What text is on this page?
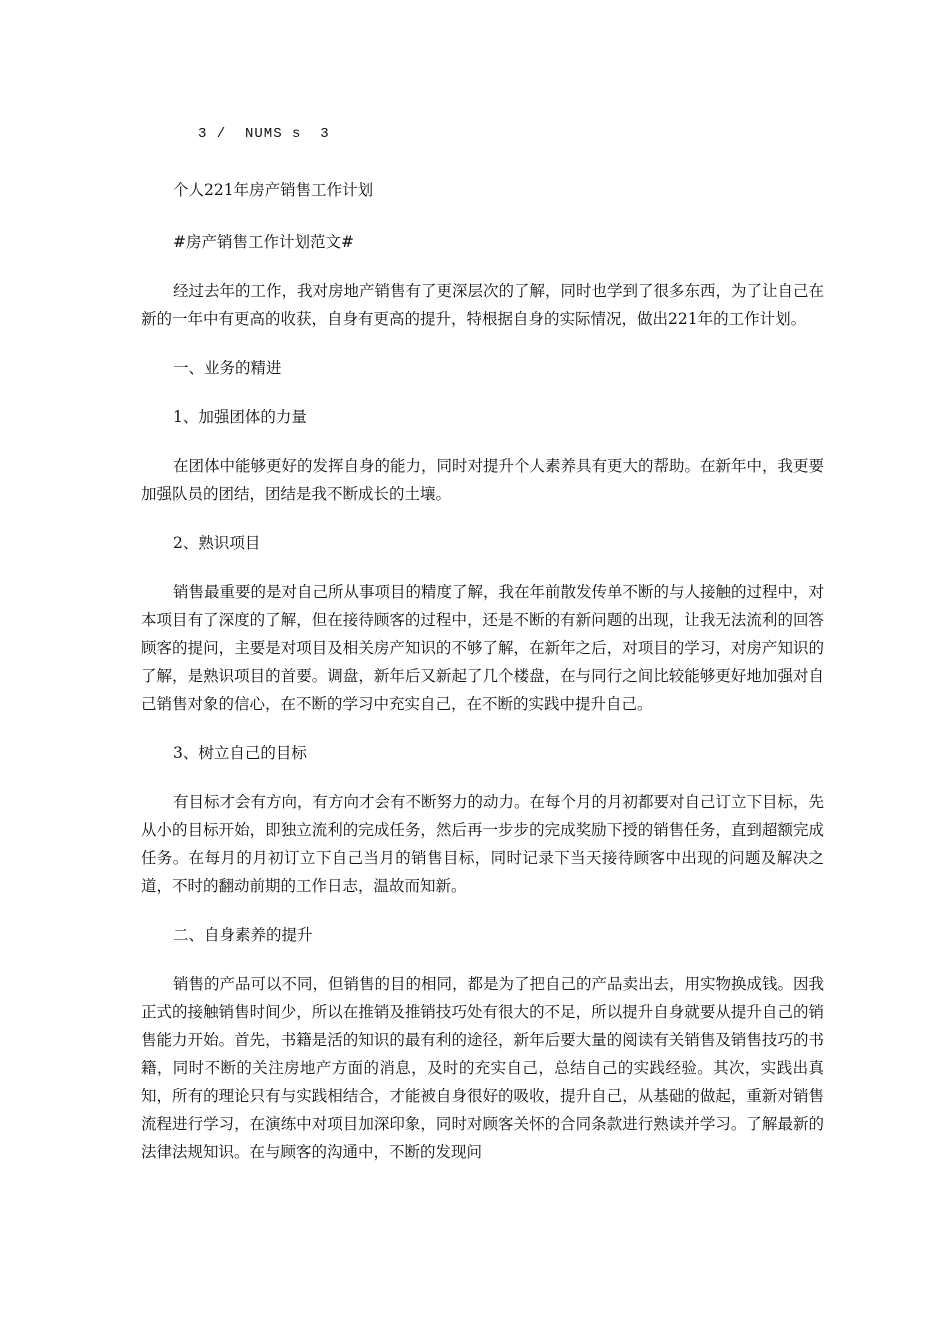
3 /  NUMS s  3

个人221年房产销售工作计划

#房产销售工作计划范文#

经过去年的工作，我对房地产销售有了更深层次的了解，同时也学到了很多东西，为了让自己在新的一年中有更高的收获，自身有更高的提升，特根据自身的实际情况，做出221年的工作计划。

一、业务的精进

1、加强团体的力量

在团体中能够更好的发挥自身的能力，同时对提升个人素养具有更大的帮助。在新年中，我更要加强队员的团结，团结是我不断成长的土壤。

2、熟识项目

销售最重要的是对自己所从事项目的精度了解，我在年前散发传单不断的与人接触的过程中，对本项目有了深度的了解，但在接待顾客的过程中，还是不断的有新问题的出现，让我无法流利的回答顾客的提问，主要是对项目及相关房产知识的不够了解，在新年之后，对项目的学习，对房产知识的了解，是熟识项目的首要。调盘，新年后又新起了几个楼盘，在与同行之间比较能够更好地加强对自己销售对象的信心，在不断的学习中充实自己，在不断的实践中提升自己。

3、树立自己的目标

有目标才会有方向，有方向才会有不断努力的动力。在每个月的月初都要对自己订立下目标，先从小的目标开始，即独立流利的完成任务，然后再一步步的完成奖励下授的销售任务，直到超额完成任务。在每月的月初订立下自己当月的销售目标，同时记录下当天接待顾客中出现的问题及解决之道，不时的翻动前期的工作日志，温故而知新。

二、自身素养的提升

销售的产品可以不同，但销售的目的相同，都是为了把自己的产品卖出去，用实物换成钱。因我正式的接触销售时间少，所以在推销及推销技巧处有很大的不足，所以提升自身就要从提升自己的销售能力开始。首先，书籍是活的知识的最有利的途径，新年后要大量的阅读有关销售及销售技巧的书籍，同时不断的关注房地产方面的消息，及时的充实自己，总结自己的实践经验。其次，实践出真知，所有的理论只有与实践相结合，才能被自身很好的吸收，提升自己，从基础的做起，重新对销售流程进行学习，在演练中对项目加深印象，同时对顾客关怀的合同条款进行熟读并学习。了解最新的法律法规知识。在与顾客的沟通中，不断的发现问
